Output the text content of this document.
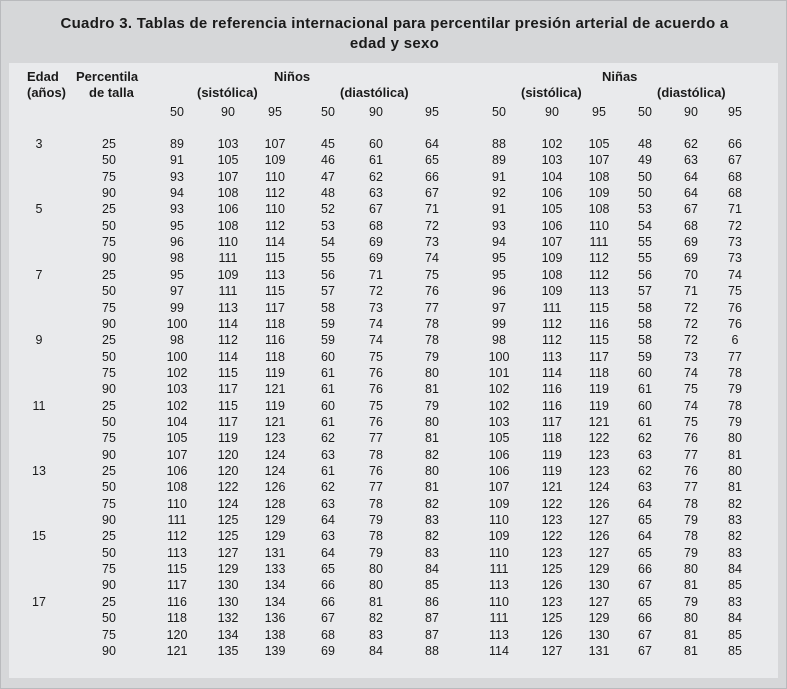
Cuadro 3. Tablas de referencia internacional para percentilar presión arterial de acuerdo a
edad y sexo
Edad
(años)
Percentila
de talla
Niños	Niñas
(sistólica)	(diastólica)	(sistólica)	(diastólica)
50	90	95	50	90	95	50	90	95	50	90 95
3	25	89	103 107	45	60	64	88	102 105 48	62 66
50	91	105 109	46	61	65	89	103 107 49	63 67
75	93	107 110	47	62	66	91	104 108 50	64 68
90	94	108 112	48	63	67	92	106 109 50	64 68
5	25	93	106 110	52	67	71	91	105 108 53	67 71
50	95	108 112	53	68	72	93	106 110 54	68 72
75	96	110 114	54	69	73	94	107 111 55	69 73
90	98	111 115	55	69	74	95	109 112 55	69 73
7	25	95	109 113	56	71	75	95	108 112 56	70 74
50	97	111 115	57	72	76	96	109 113 57	71 75
75	99	113 117	58	73	77	97	111 115 58	72 76
90	100 114 118	59	74	78	99	112 116 58	72 76
9	25	98	112 116	59	74	78	98	112 115 58	72	6
50	100 114 118	60	75	79	100	113 117 59	73 77
75	102 115 119	61	76	80	101	114 118 60	74 78
90	103 117 121	61	76	81	102	116 119 61	75 79
11	25	102 115 119	60	75	79	102	116 119 60	74 78
50	104 117 121	61	76	80	103	117 121 61	75 79
75	105 119 123	62	77	81	105	118 122 62	76 80
90	107 120 124	63	78	82	106	119 123 63	77 81
13	25	106 120 124	61	76	80	106	119 123 62	76 80
50	108 122 126	62	77	81	107	121 124 63	77 81
75	110 124 128	63	78	82	109	122 126 64	78 82
90	111 125 129	64	79	83	110	123 127 65	79 83
15	25	112 125 129	63	78	82	109	122 126 64	78 82
50	113 127 131	64	79	83	110	123 127 65	79 83
75	115 129 133	65	80	84	111	125 129 66	80 84
90	117 130 134	66	80	85	113	126 130 67	81 85
17	25	116 130 134	66	81	86	110	123 127 65	79 83
50	118 132 136	67	82	87	111	125 129 66	80 84
75	120 134 138	68	83	87	113	126 130 67	81 85
90	121 135 139	69	84	88	114	127 131 67	81 85
